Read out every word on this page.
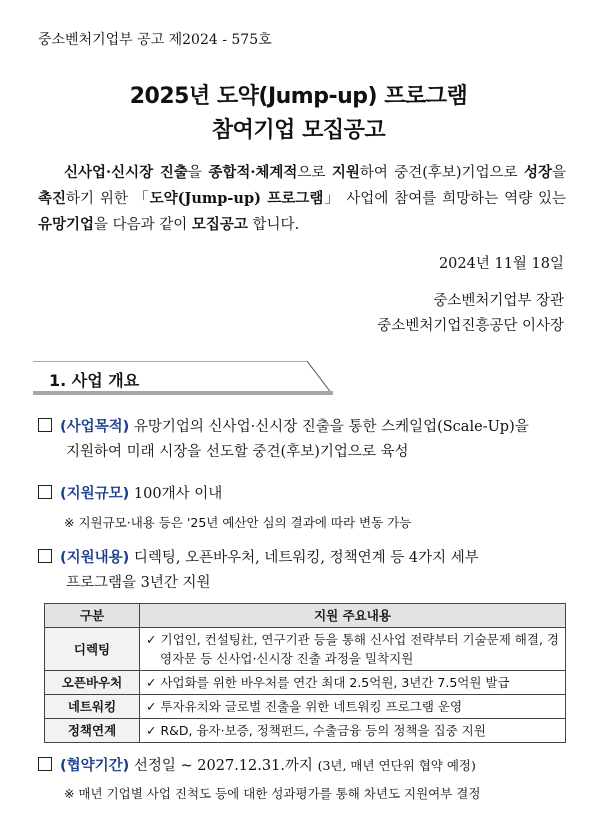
중소벤처기업부 공고 제2024 - 575호
2025년 도약(Jump-up) 프로그램
참여기업 모집공고
신사업·신시장 진출을 종합적·체계적으로 지원하여 중견(후보)기업으로 성장을 촉진하기 위한 「도약(Jump-up) 프로그램」 사업에 참여를 희망하는 역량 있는 유망기업을 다음과 같이 모집공고 합니다.
2024년 11월 18일
중소벤처기업부 장관
중소벤처기업진흥공단 이사장
1. 사업 개요
(사업목적) 유망기업의 신사업·신시장 진출을 통한 스케일업(Scale-Up)을
지원하여 미래 시장을 선도할 중견(후보)기업으로 육성
(지원규모) 100개사 이내
※ 지원규모·내용 등은 '25년 예산안 심의 결과에 따라 변동 가능
(지원내용) 디렉팅, 오픈바우처, 네트워킹, 정책연계 등 4가지 세부
프로그램을 3년간 지원
구분	지원 주요내용
디렉팅	✓ 기업인, 컨설팅社, 연구기관 등을 통해 신사업 전략부터 기술문제 해결, 경영자문 등 신사업·신시장 진출 과정을 밀착지원

오픈바우처	✓ 사업화를 위한 바우처를 연간 최대 2.5억원, 3년간 7.5억원 발급

네트워킹	✓ 투자유치와 글로벌 진출을 위한 네트워킹 프로그램 운영

정책연계	✓ R&D, 융자·보증, 정책펀드, 수출금융 등의 정책을 집중 지원
(협약기간) 선정일 ~ 2027.12.31.까지 (3년, 매년 연단위 협약 예정)
※ 매년 기업별 사업 진척도 등에 대한 성과평가를 통해 차년도 지원여부 결정
